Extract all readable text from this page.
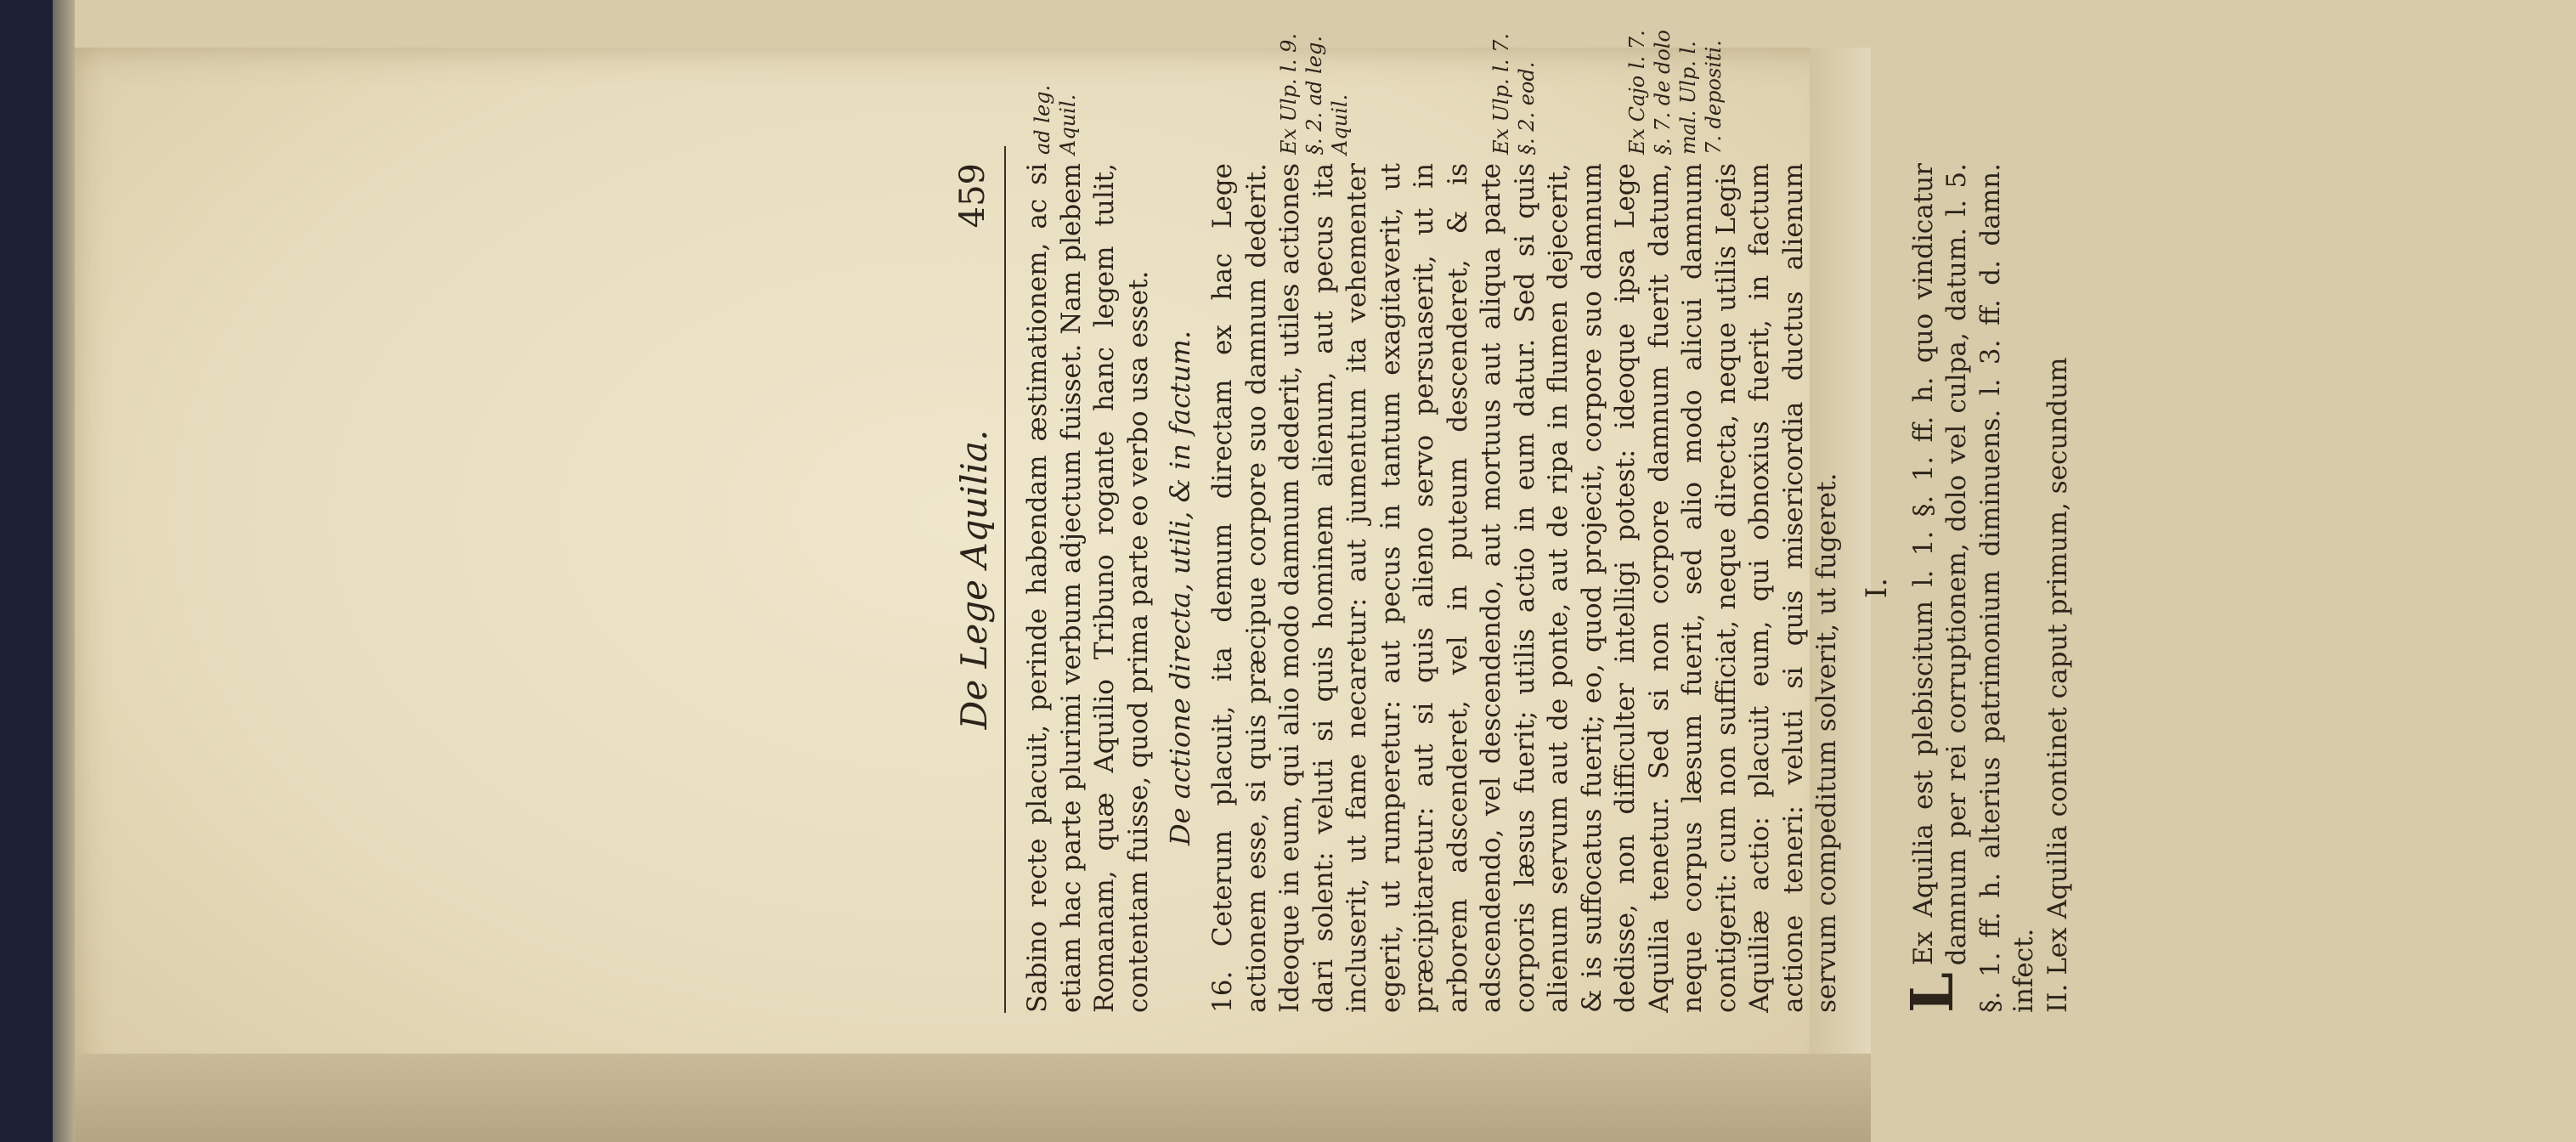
De Lege Aquilia.
459 Sabino recte placuit, perinde habendam æstimationem, ac si etiam hac parte plurimi verbum adjectum fuisset. Nam plebem Romanam, quæ Aquilio Tribuno rogante hanc legem tulit, contentam fuisse, quod prima parte eo verbo usa esset. De actione directa, utili, & in factum. 16. Ceterum placuit, ita demum directam ex hac Lege actionem esse, si quis præcipue corpore suo damnum dederit. Ideoque in eum, qui alio modo damnum dederit, utiles actiones dari solent: veluti si quis hominem alienum, aut pecus ita incluserit, ut fame necaretur: aut jumentum ita vehementer egerit, ut rumperetur: aut pecus in tantum exagitaverit, ut præcipitaretur: aut si quis alieno servo persuaserit, ut in arborem adscenderet, vel in puteum descenderet, & is adscendendo, vel descendendo, aut mortuus aut aliqua parte corporis læsus fuerit; utilis actio in eum datur. Sed si quis alienum servum aut de ponte, aut de ripa in flumen dejecerit, & is suffocatus fuerit; eo, quod projecit, corpore suo damnum dedisse, non difficulter intelligi potest: ideoque ipsa Lege Aquilia tenetur. Sed si non corpore damnum fuerit datum, neque corpus læsum fuerit, sed alio modo alicui damnum contigerit: cum non sufficiat, neque directa, neque utilis Legis Aquiliæ actio: placuit eum, qui obnoxius fuerit, in factum actione teneri: veluti si quis misericordia ductus alienum servum compeditum solverit, ut fugeret. I.

L
Ex Aquilia est plebiscitum l. 1. §. 1. ff. h. quo vindicatur damnum per rei corruptionem, dolo vel culpa, datum. l. 5. §. 1. ff. h. alterius patrimonium diminuens. l. 3. ff. d. damn. infect. II. Lex Aquilia continet caput primum, secundum

ad leg. Aquil.	Ex Ulp. l. 9. §. 2. ad leg. Aquil.	Ex Ulp. l. 7. §. 2. eod.	Ex Cajo l. 7. §. 7. de dolo mal. Ulp. l. 7. depositi.
